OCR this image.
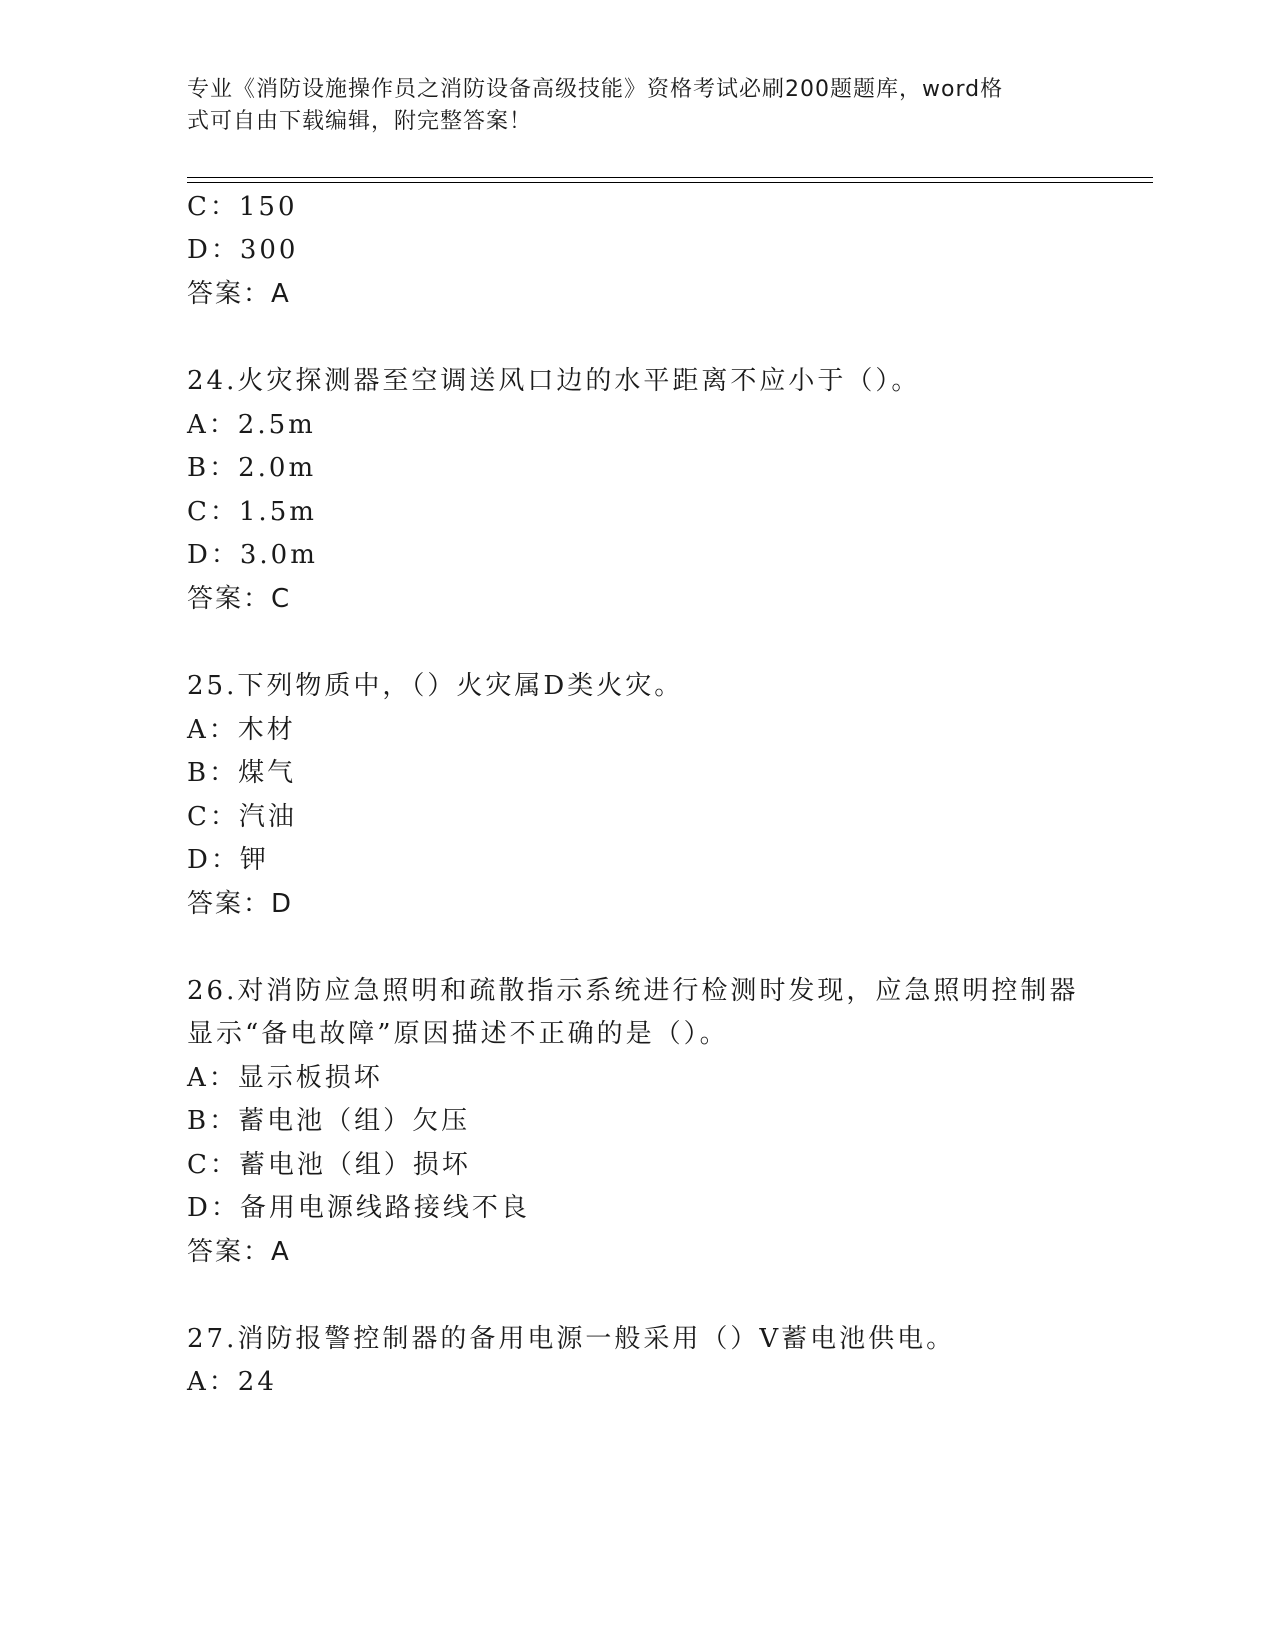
专业《消防设施操作员之消防设备高级技能》资格考试必刷200题题库，word格
式可自由下载编辑，附完整答案！
C：150
D：300
答案：A
24.火灾探测器至空调送风口边的水平距离不应小于（）。
A：2.5m
B：2.0m
C：1.5m
D：3.0m
答案：C
25.下列物质中，（）火灾属D类火灾。
A：木材
B：煤气
C：汽油
D：钾
答案：D
26.对消防应急照明和疏散指示系统进行检测时发现，应急照明控制器
显示“备电故障”原因描述不正确的是（）。
A：显示板损坏
B：蓄电池（组）欠压
C：蓄电池（组）损坏
D：备用电源线路接线不良
答案：A
27.消防报警控制器的备用电源一般采用（）V蓄电池供电。
A：24
